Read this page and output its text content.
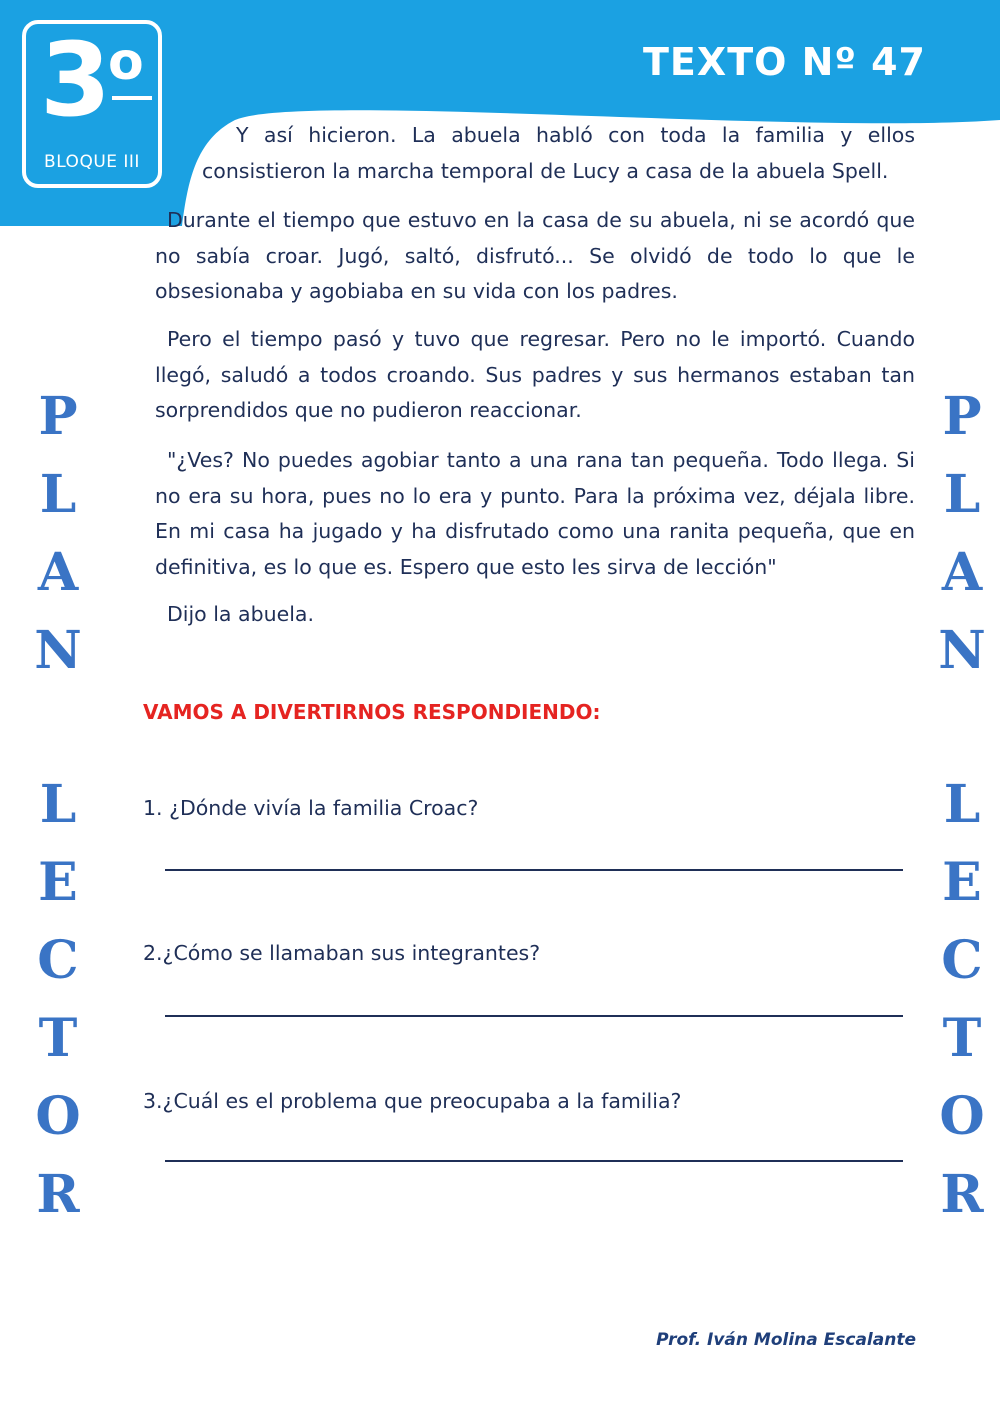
3
o
BLOQUE III
TEXTO Nº 47
P
L
A
N
L
E
C
T
O
R
P
L
A
N
L
E
C
T
O
R

Y así hicieron. La abuela habló con toda la familia y ellos consistieron la marcha temporal de Lucy a casa de la abuela Spell.

Durante el tiempo que estuvo en la casa de su abuela, ni se acordó que no sabía croar. Jugó, saltó, disfrutó... Se olvidó de todo lo que le obsesionaba y agobiaba en su vida con los padres.

Pero el tiempo pasó y tuvo que regresar. Pero no le importó. Cuando llegó, saludó a todos croando. Sus padres y sus hermanos estaban tan sorprendidos que no pudieron reaccionar.

"¿Ves? No puedes agobiar tanto a una rana tan pequeña. Todo llega. Si no era su hora, pues no lo era y punto. Para la próxima vez, déjala libre. En mi casa ha jugado y ha disfrutado como una ranita pequeña, que en definitiva, es lo que es. Espero que esto les sirva de lección"

Dijo la abuela.

VAMOS A DIVERTIRNOS RESPONDIENDO:
1. ¿Dónde vivía la familia Croac?
2.¿Cómo se llamaban sus integrantes?
3.¿Cuál es el problema que preocupaba a la familia?
Prof. Iván Molina Escalante
